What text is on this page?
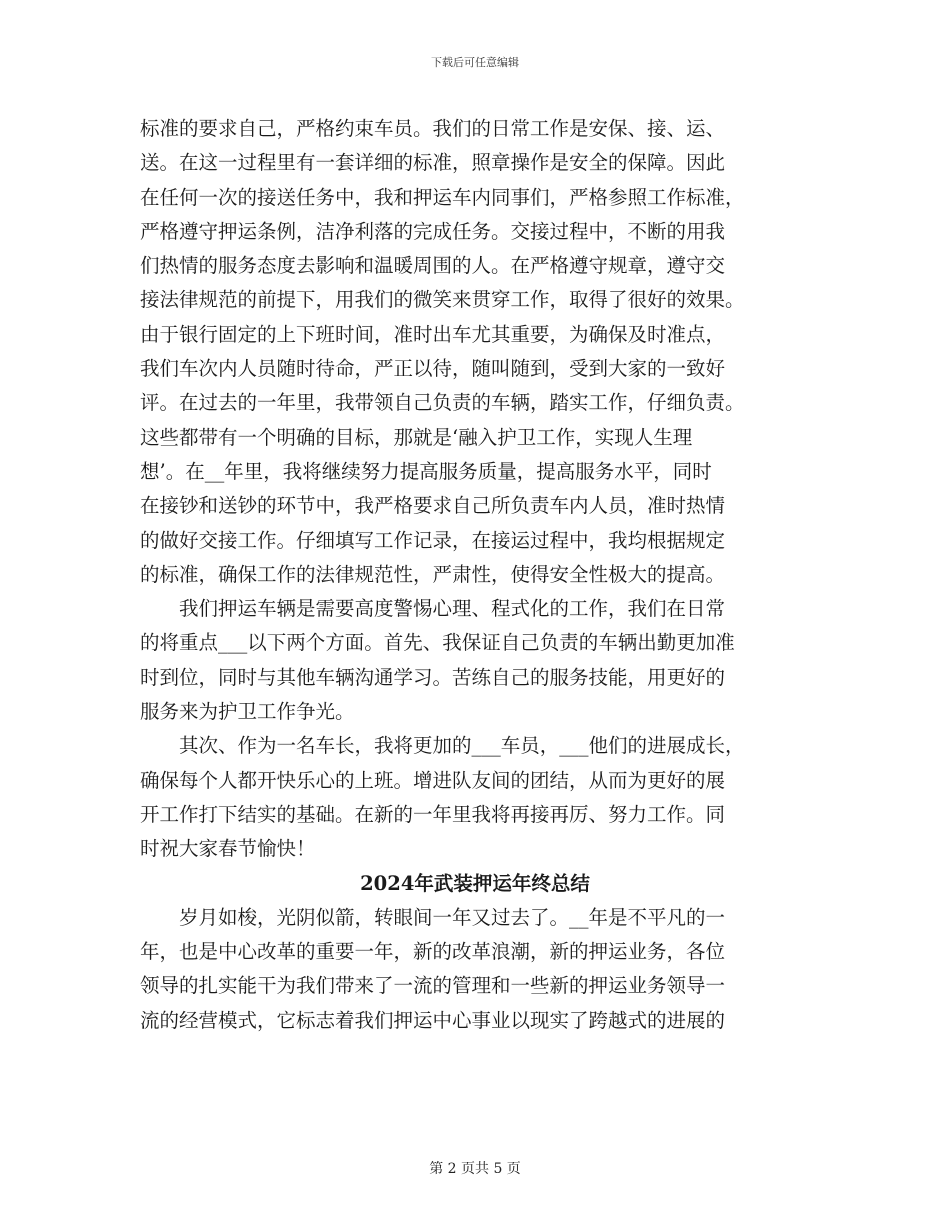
下载后可任意编辑
标准的要求自己，严格约束车员。我们的日常工作是安保、接、运、
送。在这一过程里有一套详细的标准，照章操作是安全的保障。因此
在任何一次的接送任务中，我和押运车内同事们，严格参照工作标准，
严格遵守押运条例，洁净利落的完成任务。交接过程中，不断的用我
们热情的服务态度去影响和温暖周围的人。在严格遵守规章，遵守交
接法律规范的前提下，用我们的微笑来贯穿工作，取得了很好的效果。
由于银行固定的上下班时间，准时出车尤其重要，为确保及时准点，
我们车次内人员随时待命，严正以待，随叫随到，受到大家的一致好
评。在过去的一年里，我带领自己负责的车辆，踏实工作，仔细负责。
这些都带有一个明确的目标，那就是‘融入护卫工作，实现人生理
想’。在__年里，我将继续努力提高服务质量，提高服务水平，同时
在接钞和送钞的环节中，我严格要求自己所负责车内人员，准时热情
的做好交接工作。仔细填写工作记录，在接运过程中，我均根据规定
的标准，确保工作的法律规范性，严肃性，使得安全性极大的提高。
　　我们押运车辆是需要高度警惕心理、程式化的工作，我们在日常
的将重点___以下两个方面。首先、我保证自己负责的车辆出勤更加准
时到位，同时与其他车辆沟通学习。苦练自己的服务技能，用更好的
服务来为护卫工作争光。
　　其次、作为一名车长，我将更加的___车员，___他们的进展成长，
确保每个人都开快乐心的上班。增进队友间的团结，从而为更好的展
开工作打下结实的基础。在新的一年里我将再接再厉、努力工作。同
时祝大家春节愉快！
2024年武装押运年终总结
　　岁月如梭，光阴似箭，转眼间一年又过去了。__年是不平凡的一
年，也是中心改革的重要一年，新的改革浪潮，新的押运业务，各位
领导的扎实能干为我们带来了一流的管理和一些新的押运业务领导一
流的经营模式，它标志着我们押运中心事业以现实了跨越式的进展的
第 2 页共 5 页
